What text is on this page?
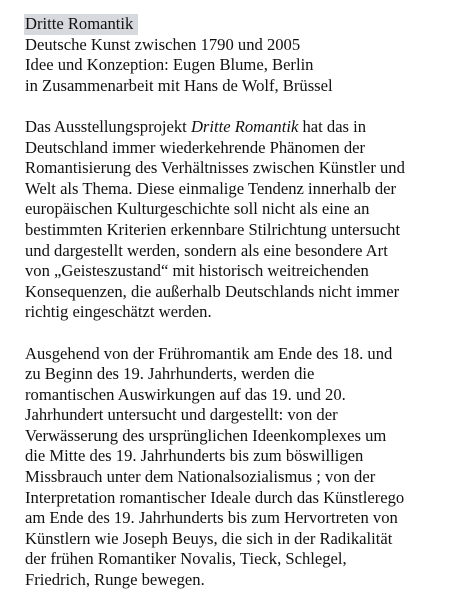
Dritte Romantik
Deutsche Kunst zwischen 1790 und 2005
Idee und Konzeption: Eugen Blume, Berlin
in Zusammenarbeit mit Hans de Wolf, Brüssel
Das Ausstellungsprojekt Dritte Romantik hat das in
Deutschland immer wiederkehrende Phänomen der
Romantisierung des Verhältnisses zwischen Künstler und
Welt als Thema. Diese einmalige Tendenz innerhalb der
europäischen Kulturgeschichte soll nicht als eine an
bestimmten Kriterien erkennbare Stilrichtung untersucht
und dargestellt werden, sondern als eine besondere Art
von „Geisteszustand“ mit historisch weitreichenden
Konsequenzen, die außerhalb Deutschlands nicht immer
richtig eingeschätzt werden.
Ausgehend von der Frühromantik am Ende des 18. und
zu Beginn des 19. Jahrhunderts, werden die
romantischen Auswirkungen auf das 19. und 20.
Jahrhundert untersucht und dargestellt: von der
Verwässerung des ursprünglichen Ideenkomplexes um
die Mitte des 19. Jahrhunderts bis zum böswilligen
Missbrauch unter dem Nationalsozialismus ; von der
Interpretation romantischer Ideale durch das Künstlerego
am Ende des 19. Jahrhunderts bis zum Hervortreten von
Künstlern wie Joseph Beuys, die sich in der Radikalität
der frühen Romantiker Novalis, Tieck, Schlegel,
Friedrich, Runge bewegen.
